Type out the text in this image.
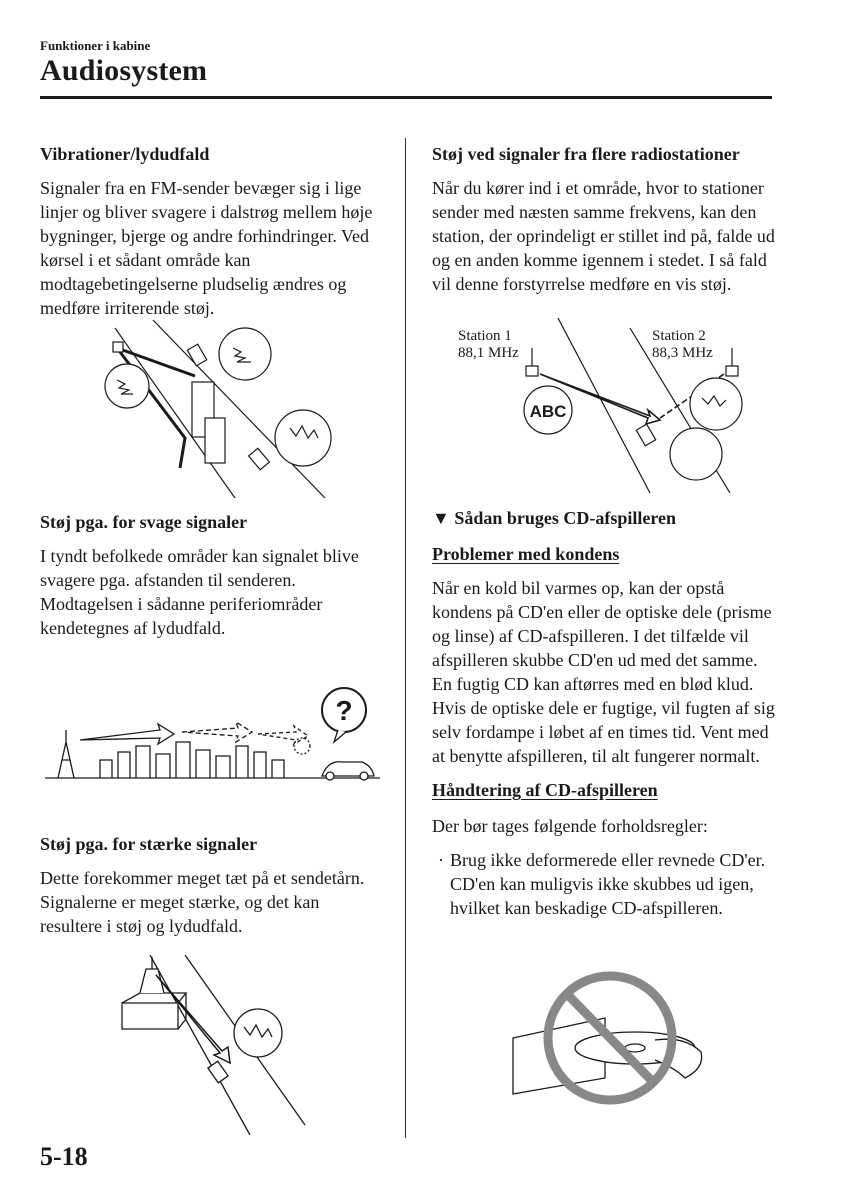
Funktioner i kabine
Audiosystem
Vibrationer/lydudfald

Signaler fra en FM-sender bevæger sig i lige linjer og bliver svagere i dalstrøg mellem høje bygninger, bjerge og andre forhindringer. Ved kørsel i et sådant område kan modtagebetingelserne pludselig ændres og medføre irriterende støj.

Støj pga. for svage signaler

I tyndt befolkede områder kan signalet blive svagere pga. afstanden til senderen. Modtagelsen i sådanne periferiområder kendetegnes af lydudfald.

?
Støj pga. for stærke signaler

Dette forekommer meget tæt på et sendetårn. Signalerne er meget stærke, og det kan resultere i støj og lydudfald.

Støj ved signaler fra flere radiostationer

Når du kører ind i et område, hvor to stationer sender med næsten samme frekvens, kan den station, der oprindeligt er stillet ind på, falde ud og en anden komme igennem i stedet. I så fald vil denne forstyrrelse medføre en vis støj.

Station 1
88,1 MHz
Station 2
88,3 MHz
ABC
▼ Sådan bruges CD-afspilleren
Problemer med kondens

Når en kold bil varmes op, kan der opstå kondens på CD'en eller de optiske dele (prisme og linse) af CD-afspilleren. I det tilfælde vil afspilleren skubbe CD'en ud med det samme. En fugtig CD kan aftørres med en blød klud. Hvis de optiske dele er fugtige, vil fugten af sig selv fordampe i løbet af en times tid. Vent med at benytte afspilleren, til alt fungerer normalt.

Håndtering af CD-afspilleren

Der bør tages følgende forholdsregler:

· Brug ikke deformerede eller revnede CD'er. CD'en kan muligvis ikke skubbes ud igen, hvilket kan beskadige CD-afspilleren.
5-18
